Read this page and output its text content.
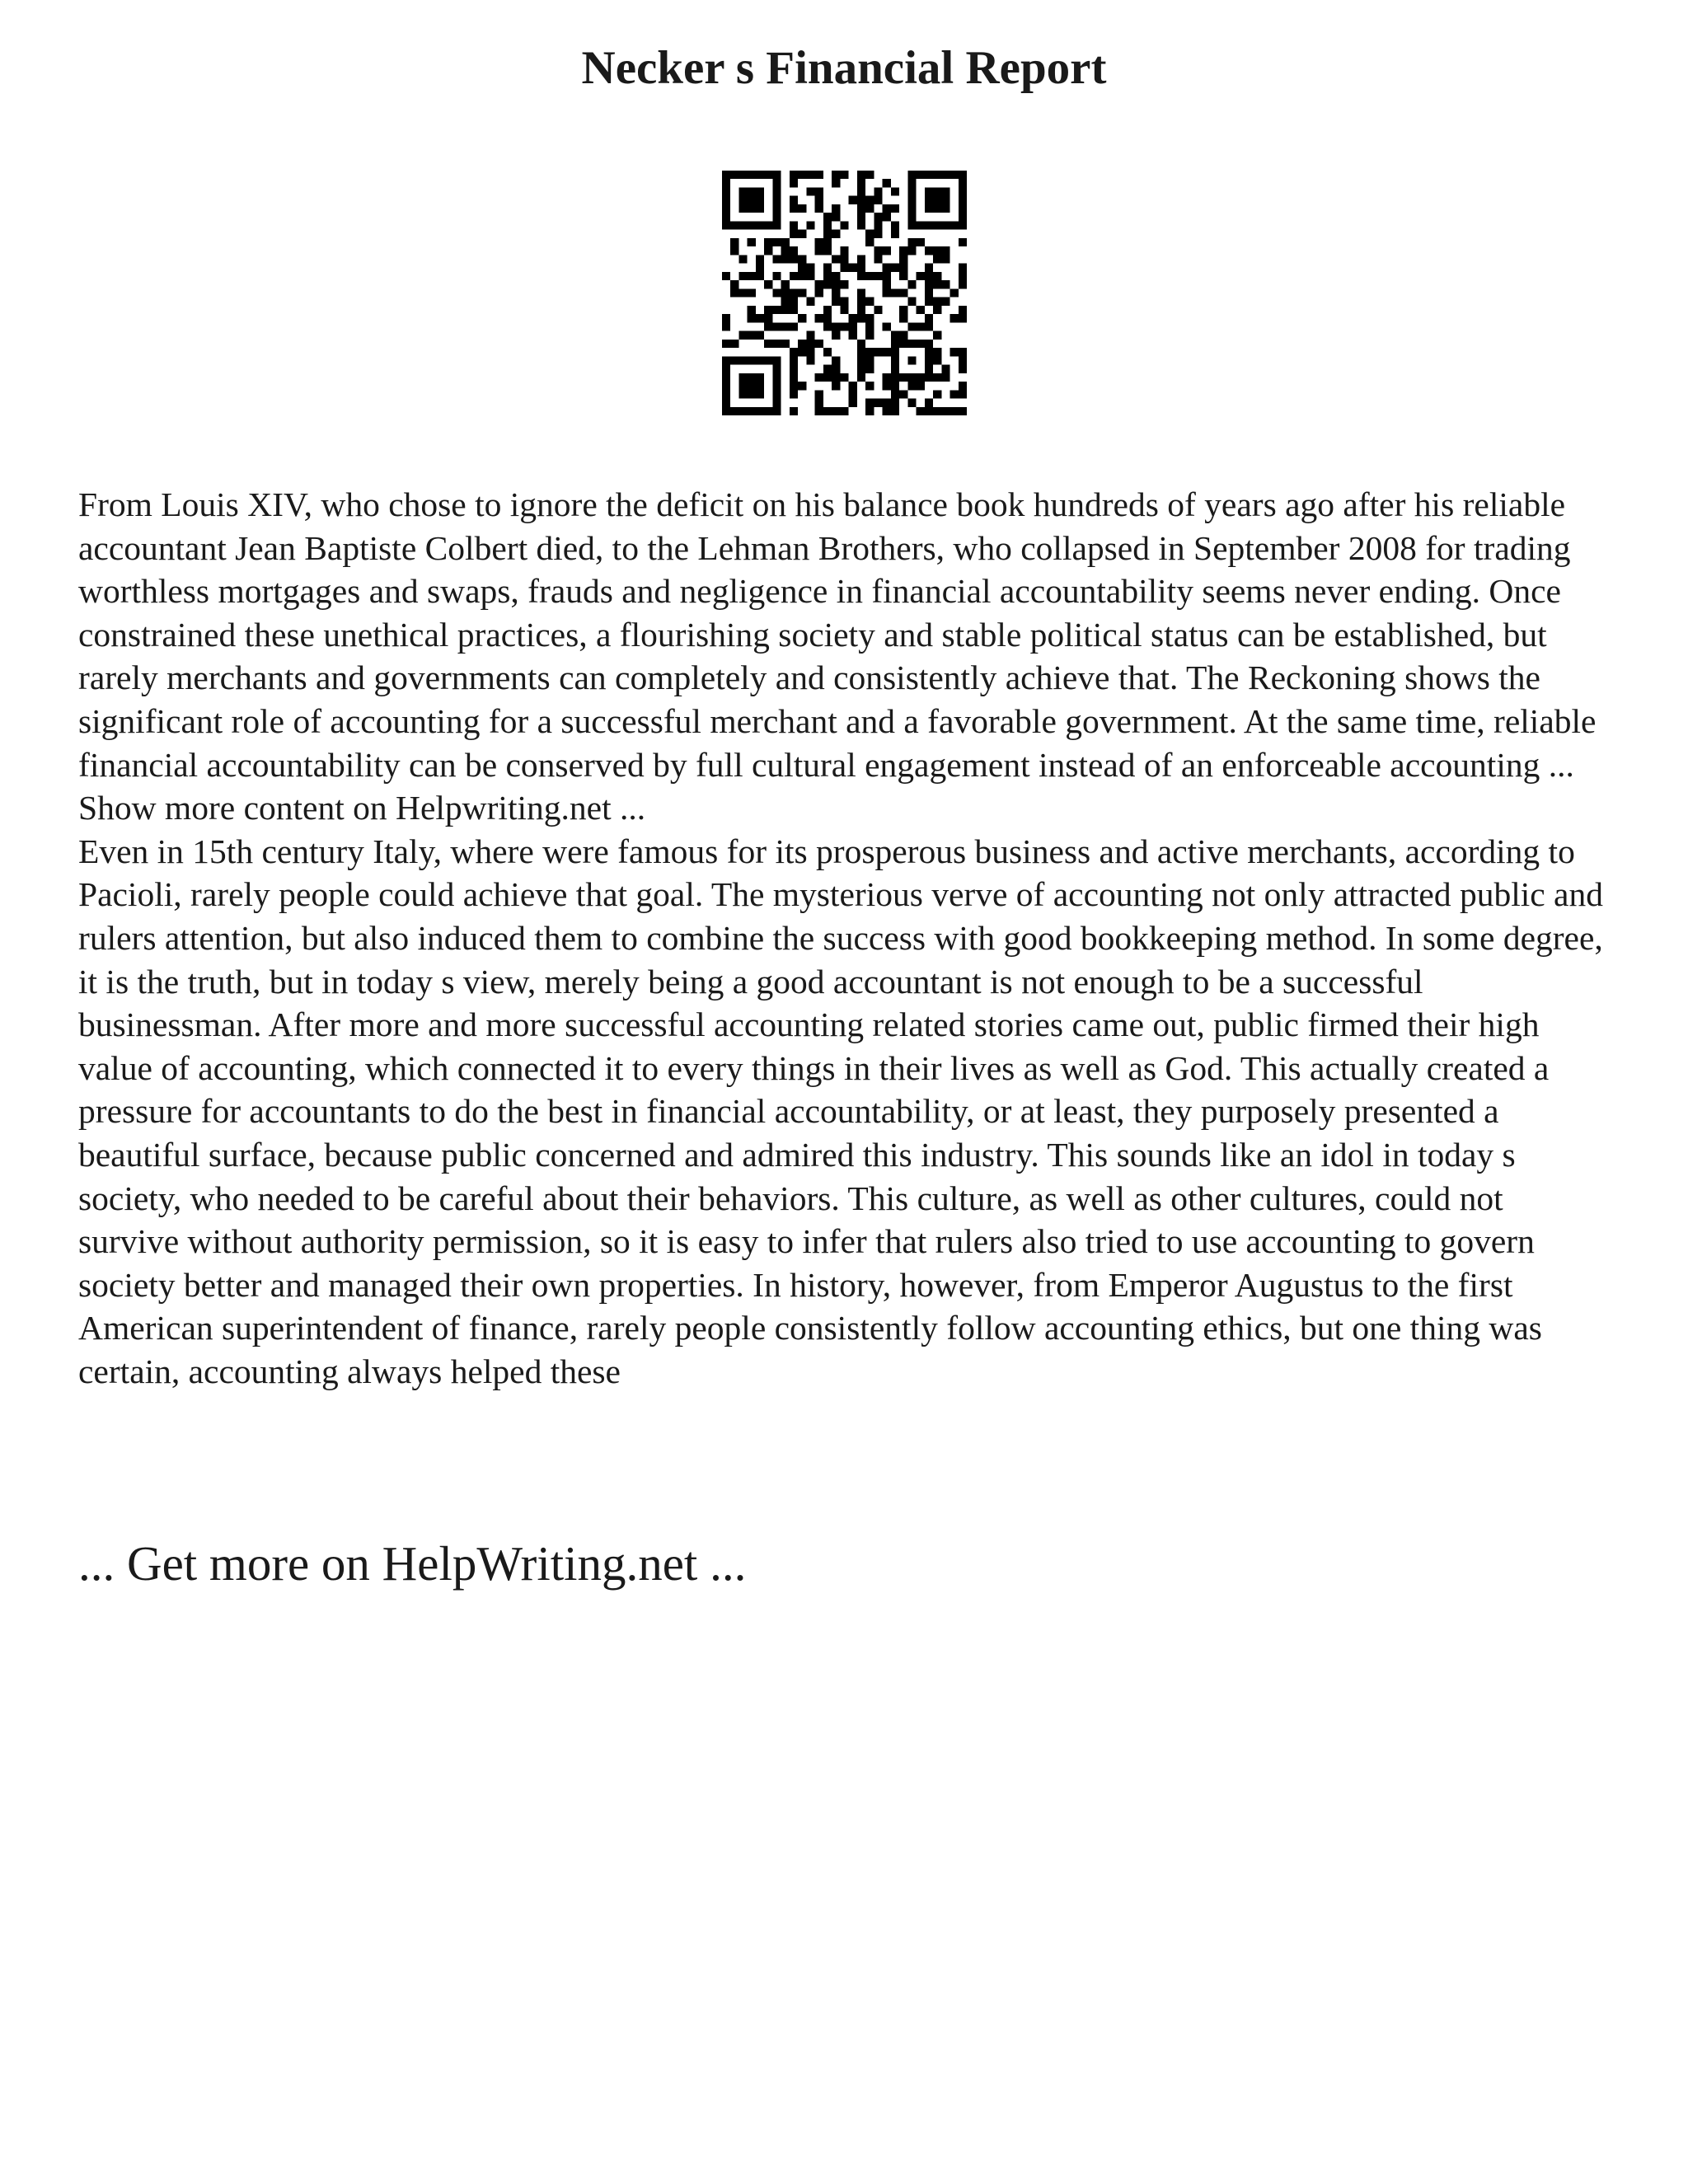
Necker s Financial Report

From Louis XIV, who chose to ignore the deficit on his balance book hundreds of years ago after his reliable accountant Jean Baptiste Colbert died, to the Lehman Brothers, who collapsed in September 2008 for trading worthless mortgages and swaps, frauds and negligence in financial accountability seems never ending. Once constrained these unethical practices, a flourishing society and stable political status can be established, but rarely merchants and governments can completely and consistently achieve that. The Reckoning shows the significant role of accounting for a successful merchant and a favorable government. At the same time, reliable financial accountability can be conserved by full cultural engagement instead of an enforceable accounting ... Show more content on Helpwriting.net ...

Even in 15th century Italy, where were famous for its prosperous business and active merchants, according to Pacioli, rarely people could achieve that goal. The mysterious verve of accounting not only attracted public and rulers attention, but also induced them to combine the success with good bookkeeping method. In some degree, it is the truth, but in today s view, merely being a good accountant is not enough to be a successful businessman. After more and more successful accounting related stories came out, public firmed their high value of accounting, which connected it to every things in their lives as well as God. This actually created a pressure for accountants to do the best in financial accountability, or at least, they purposely presented a beautiful surface, because public concerned and admired this industry. This sounds like an idol in today s society, who needed to be careful about their behaviors. This culture, as well as other cultures, could not survive without authority permission, so it is easy to infer that rulers also tried to use accounting to govern society better and managed their own properties. In history, however, from Emperor Augustus to the first American superintendent of finance, rarely people consistently follow accounting ethics, but one thing was certain, accounting always helped these

... Get more on HelpWriting.net ...
